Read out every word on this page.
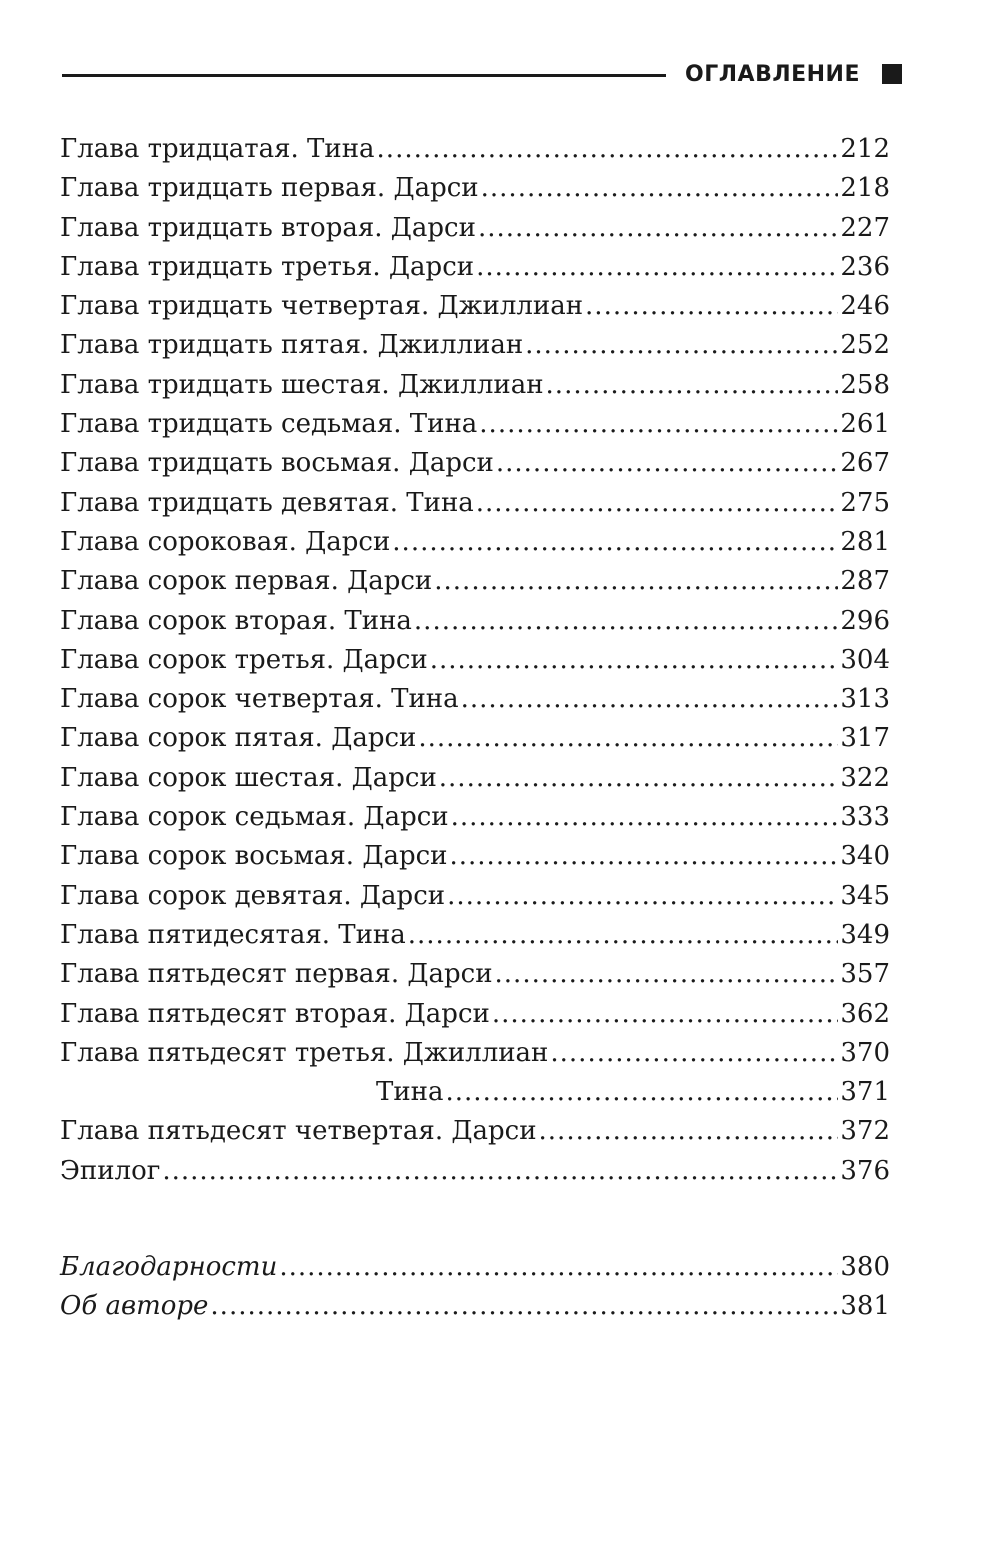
ОГЛАВЛЕНИЕ
Глава тридцатая. Тина .....	212
Глава тридцать первая. Дарси .....	218
Глава тридцать вторая. Дарси .....	227
Глава тридцать третья. Дарси .....	236
Глава тридцать четвертая. Джиллиан .....	246
Глава тридцать пятая. Джиллиан .....	252
Глава тридцать шестая. Джиллиан .....	258
Глава тридцать седьмая. Тина .....	261
Глава тридцать восьмая. Дарси .....	267
Глава тридцать девятая. Тина .....	275
Глава сороковая. Дарси .....	281
Глава сорок первая. Дарси .....	287
Глава сорок вторая. Тина .....	296
Глава сорок третья. Дарси .....	304
Глава сорок четвертая. Тина .....	313
Глава сорок пятая. Дарси .....	317
Глава сорок шестая. Дарси .....	322
Глава сорок седьмая. Дарси .....	333
Глава сорок восьмая. Дарси .....	340
Глава сорок девятая. Дарси .....	345
Глава пятидесятая. Тина .....	349
Глава пятьдесят первая. Дарси .....	357
Глава пятьдесят вторая. Дарси .....	362
Глава пятьдесят третья. Джиллиан .....	370
Тина .....	371
Глава пятьдесят четвертая. Дарси .....	372
Эпилог .....	376
Благодарности .....	380
Об авторе .....	381
